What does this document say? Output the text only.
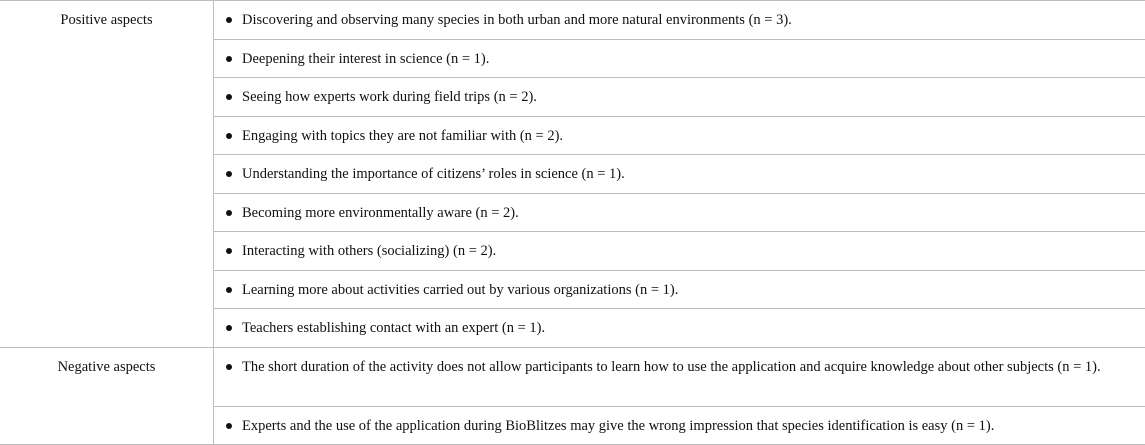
Positive aspects	Discovering and observing many species in both urban and more natural environments (n = 3).
Deepening their interest in science (n = 1).
Seeing how experts work during field trips (n = 2).
Engaging with topics they are not familiar with (n = 2).
Understanding the importance of citizens’ roles in science (n = 1).
Becoming more environmentally aware (n = 2).
Interacting with others (socializing) (n = 2).
Learning more about activities carried out by various organizations (n = 1).
Teachers establishing contact with an expert (n = 1).
Negative aspects	The short duration of the activity does not allow participants to learn how to use the application and acquire knowledge about other subjects (n = 1).
Experts and the use of the application during BioBlitzes may give the wrong impression that species identification is easy (n = 1).
